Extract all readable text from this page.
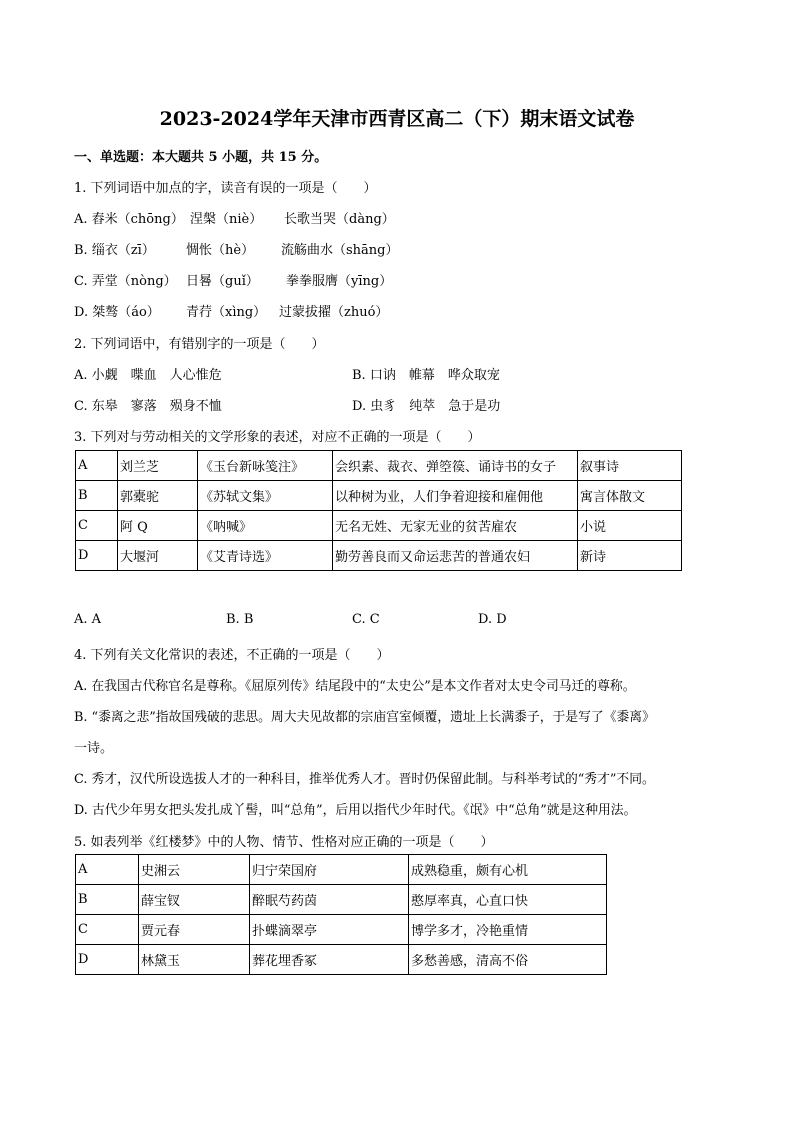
2023-2024学年天津市西青区高二（下）期末语文试卷
一、单选题：本大题共 5 小题，共 15 分。
1. 下列词语中加点的字，读音有误的一项是（　　）
A. 舂米（chōng） 涅槃（niè） 长歌当哭（dàng）
B. 缁衣（zī） 惆怅（hè） 流觞曲水（shāng）
C. 弄堂（nòng） 日晷（guǐ） 拳拳服膺（yīng）
D. 桀骜（áo） 青荇（xìng） 过蒙拔擢（zhuó）
2. 下列词语中，有错别字的一项是（　　）
A. 小觑　喋血　人心惟危	B. 口讷　帷幕　哗众取宠
C. 东皋　寥落　殒身不恤	D. 虫豸　纯萃　急于是功
3. 下列对与劳动相关的文学形象的表述，对应不正确的一项是（　　）
A	刘兰芝	《玉台新咏笺注》	会织素、裁衣、弹箜篌、诵诗书的女子	叙事诗
B	郭橐驼	《苏轼文集》	以种树为业，人们争着迎接和雇佣他	寓言体散文
C	阿 Q	《呐喊》	无名无姓、无家无业的贫苦雇农	小说
D	大堰河	《艾青诗选》	勤劳善良而又命运悲苦的普通农妇	新诗
A. A	B. B	C. C	D. D
4. 下列有关文化常识的表述，不正确的一项是（　　）
A. 在我国古代称官名是尊称。《屈原列传》结尾段中的“太史公”是本文作者对太史令司马迁的尊称。
B. “黍离之悲”指故国残破的悲思。周大夫见故都的宗庙宫室倾覆，遗址上长满黍子，于是写了《黍离》
一诗。
C. 秀才，汉代所设选拔人才的一种科目，推举优秀人才。晋时仍保留此制。与科举考试的“秀才”不同。
D. 古代少年男女把头发扎成丫髻，叫“总角”，后用以指代少年时代。《氓》中“总角”就是这种用法。
5. 如表列举《红楼梦》中的人物、情节、性格对应正确的一项是（　　）
A	史湘云	归宁荣国府	成熟稳重，颇有心机
B	薛宝钗	醉眠芍药茵	憨厚率真，心直口快
C	贾元春	扑蝶滴翠亭	博学多才，冷艳重情
D	林黛玉	葬花埋香冢	多愁善感，清高不俗
